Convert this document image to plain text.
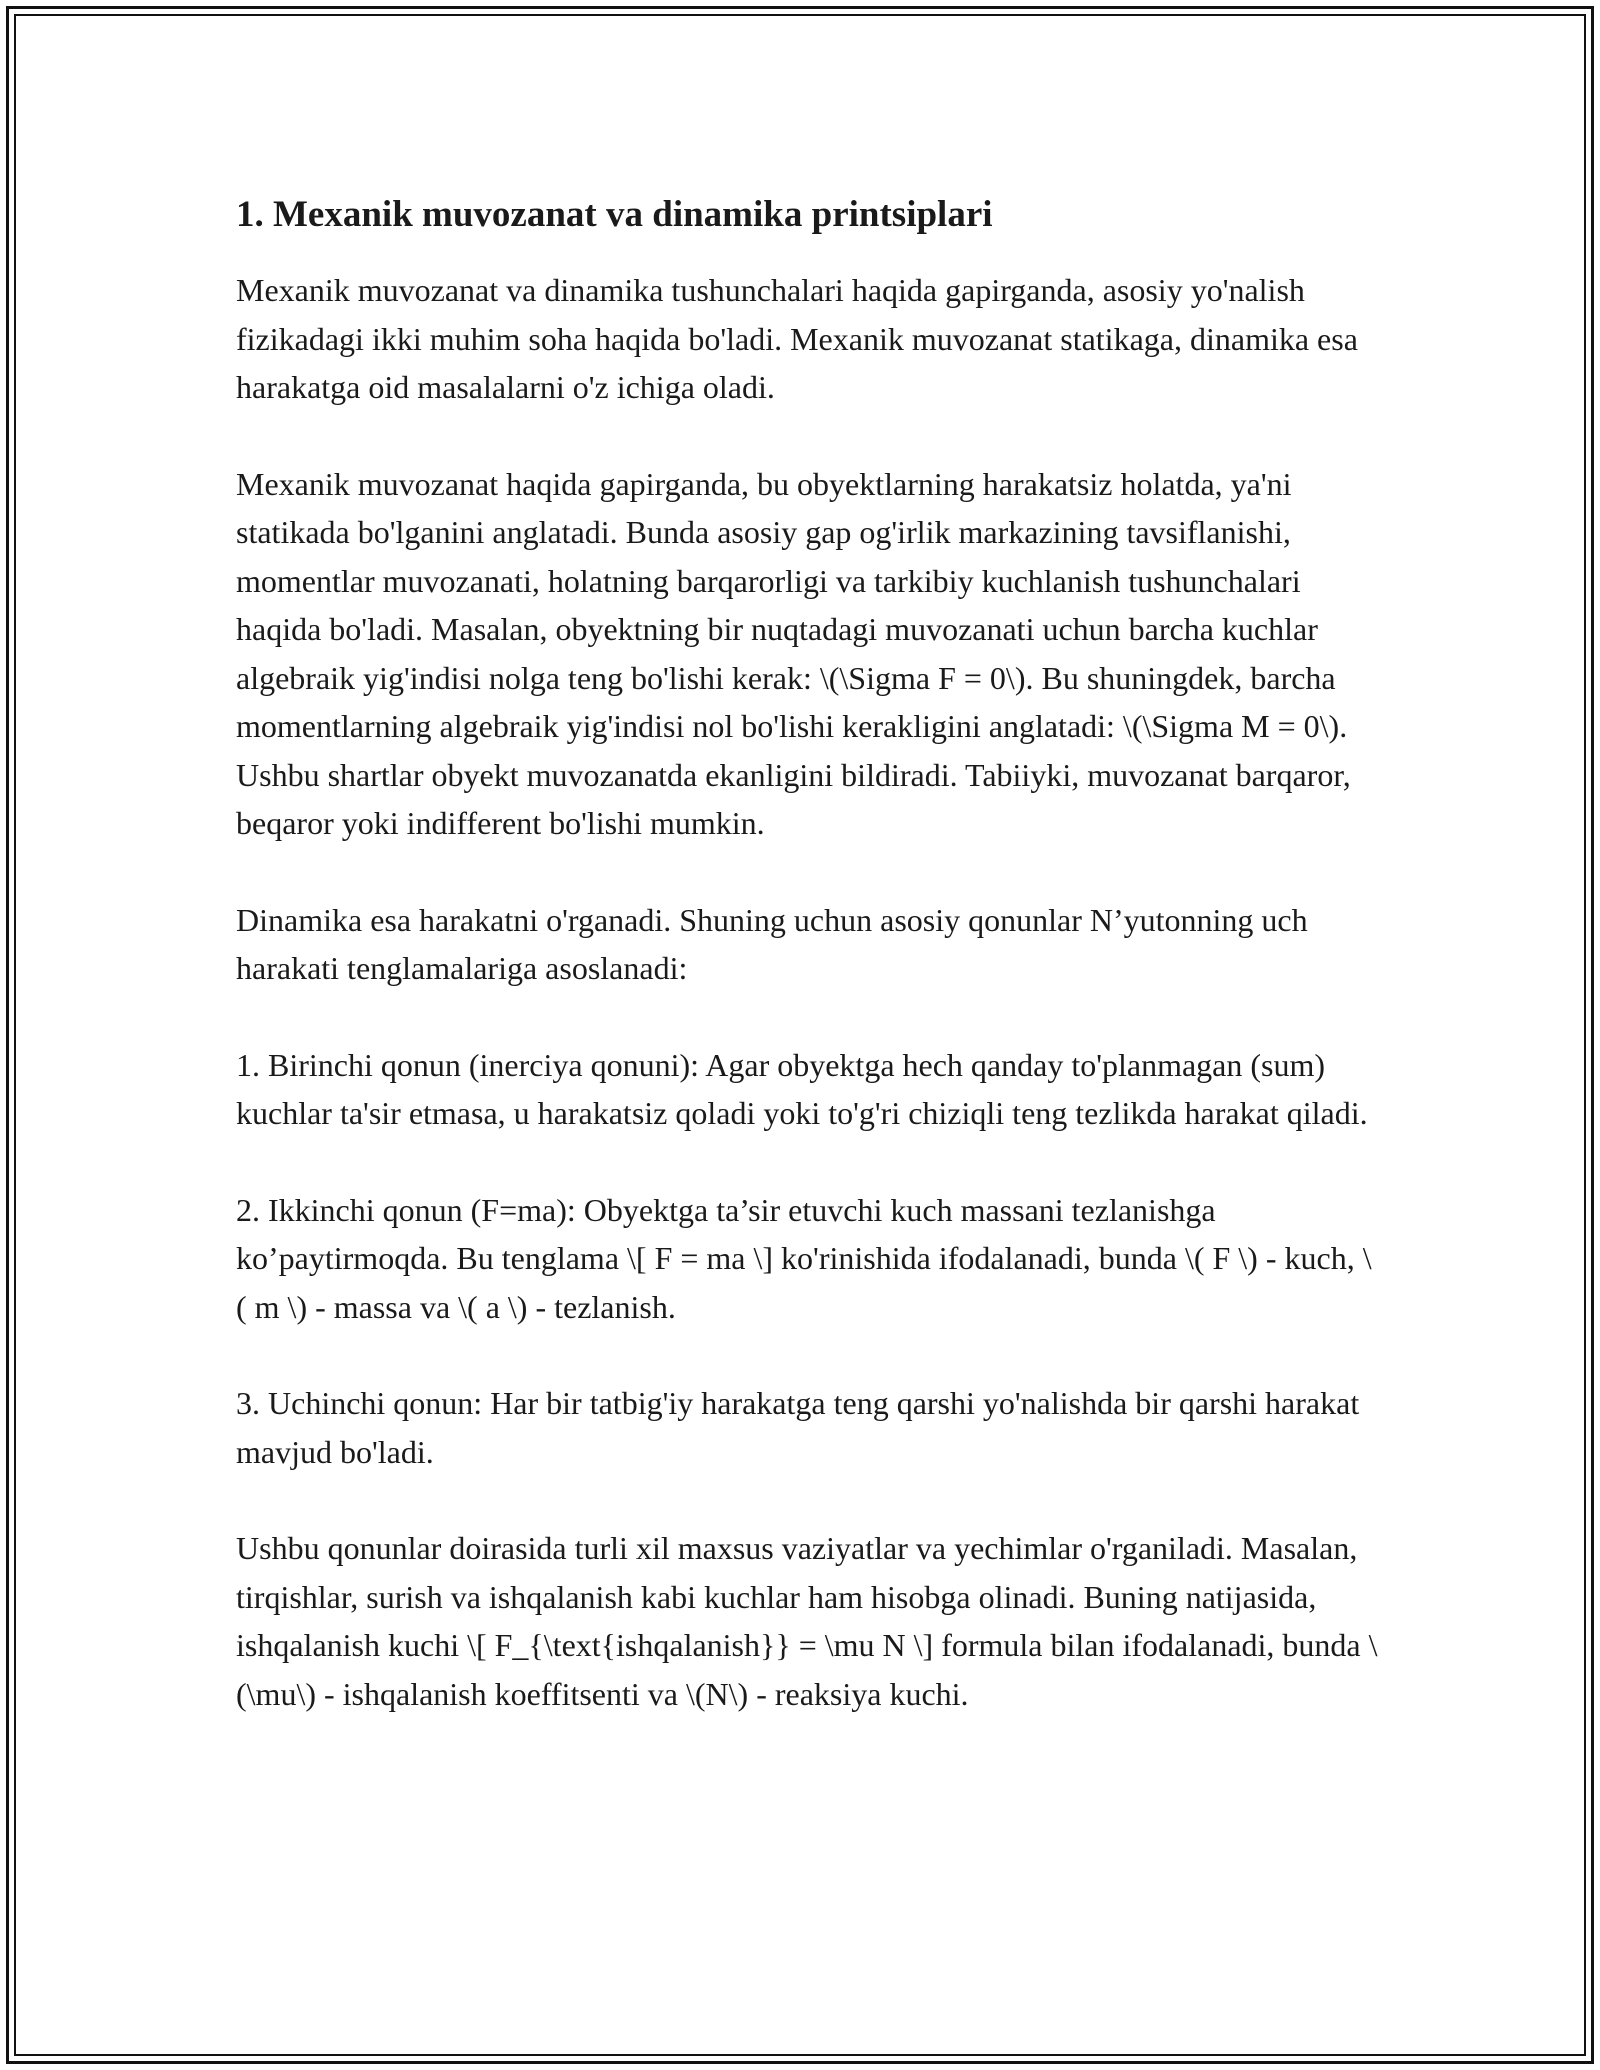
1. Mexanik muvozanat va dinamika printsiplari

Mexanik muvozanat va dinamika tushunchalari haqida gapirganda, asosiy yo'nalish fizikadagi ikki muhim soha haqida bo'ladi. Mexanik muvozanat statikaga, dinamika esa harakatga oid masalalarni o'z ichiga oladi.

Mexanik muvozanat haqida gapirganda, bu obyektlarning harakatsiz holatda, ya'ni statikada bo'lganini anglatadi. Bunda asosiy gap og'irlik markazining tavsiflanishi, momentlar muvozanati, holatning barqarorligi va tarkibiy kuchlanish tushunchalari haqida bo'ladi. Masalan, obyektning bir nuqtadagi muvozanati uchun barcha kuchlar algebraik yig'indisi nolga teng bo'lishi kerak: \(\Sigma F = 0\). Bu shuningdek, barcha momentlarning algebraik yig'indisi nol bo'lishi kerakligini anglatadi: \(\Sigma M = 0\). Ushbu shartlar obyekt muvozanatda ekanligini bildiradi. Tabiiyki, muvozanat barqaror, beqaror yoki indifferent bo'lishi mumkin.

Dinamika esa harakatni o'rganadi. Shuning uchun asosiy qonunlar N’yutonning uch harakati tenglamalariga asoslanadi:

1. Birinchi qonun (inerciya qonuni): Agar obyektga hech qanday to'planmagan (sum) kuchlar ta'sir etmasa, u harakatsiz qoladi yoki to'g'ri chiziqli teng tezlikda harakat qiladi.

2. Ikkinchi qonun (F=ma): Obyektga ta’sir etuvchi kuch massani tezlanishga ko’paytirmoqda. Bu tenglama \[ F = ma \] ko'rinishida ifodalanadi, bunda \( F \) - kuch, \( m \) - massa va \( a \) - tezlanish.

3. Uchinchi qonun: Har bir tatbig'iy harakatga teng qarshi yo'nalishda bir qarshi harakat mavjud bo'ladi.

Ushbu qonunlar doirasida turli xil maxsus vaziyatlar va yechimlar o'rganiladi. Masalan, tirqishlar, surish va ishqalanish kabi kuchlar ham hisobga olinadi. Buning natijasida, ishqalanish kuchi \[ F_{\text{ishqalanish}} = \mu N \] formula bilan ifodalanadi, bunda \(\mu\) - ishqalanish koeffitsenti va \(N\) - reaksiya kuchi.
